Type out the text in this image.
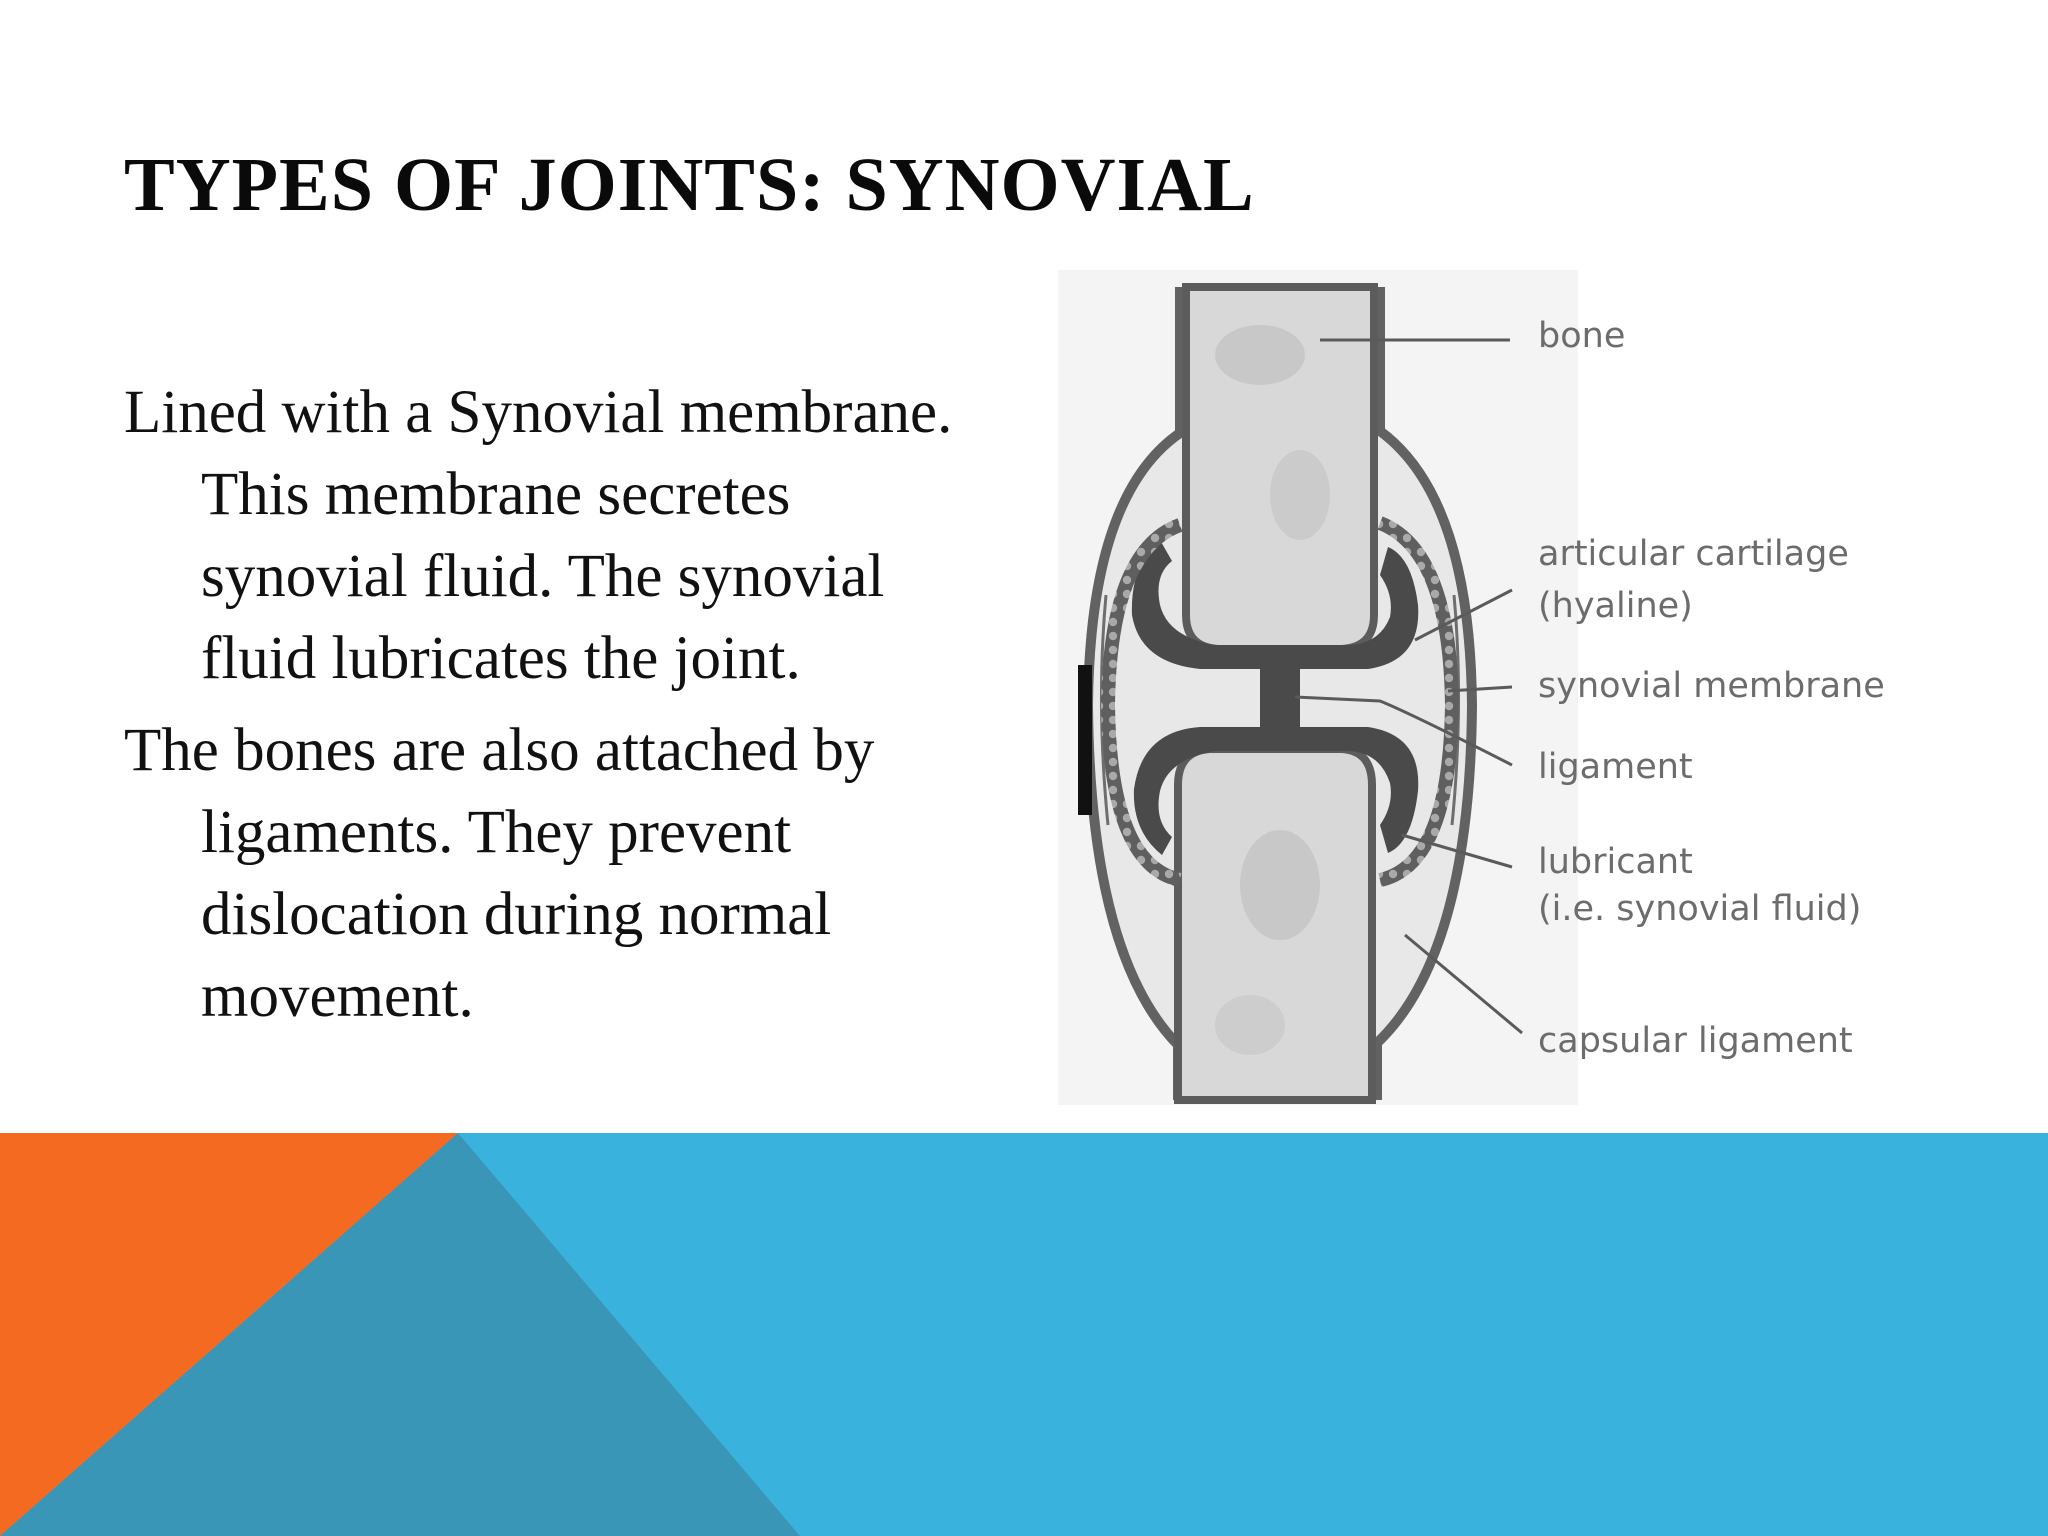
TYPES OF JOINTS: SYNOVIAL

Lined with a Synovial membrane. This membrane secretes synovial fluid. The synovial fluid lubricates the joint.

The bones are also attached by ligaments. They prevent dislocation during normal movement.

bone
articular cartilage
(hyaline)
synovial membrane
ligament
lubricant
(i.e. synovial fluid)
capsular ligament
